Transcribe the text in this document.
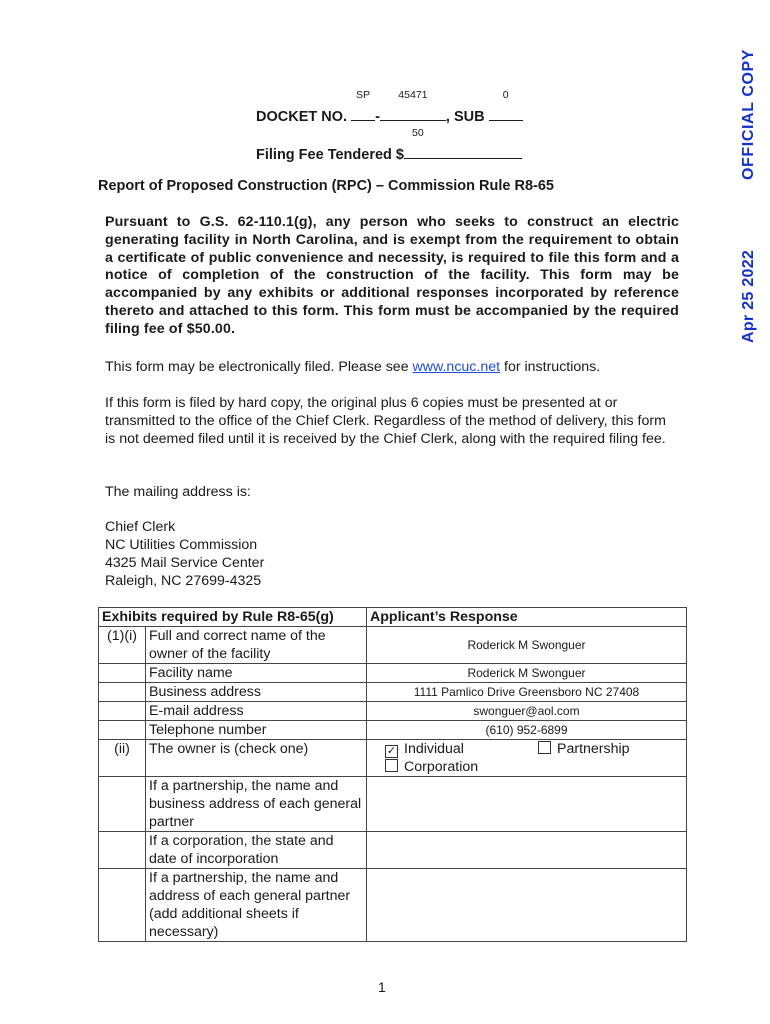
OFFICIAL COPY
Apr 25 2022
DOCKET NO.
SP
-
45471
, SUB
0
Filing Fee Tendered $
50
Report of Proposed Construction (RPC) – Commission Rule R8-65
Pursuant to G.S. 62-110.1(g), any person who seeks to construct an electric generating facility in North Carolina, and is exempt from the requirement to obtain a certificate of public convenience and necessity, is required to file this form and a notice of completion of the construction of the facility. This form may be accompanied by any exhibits or additional responses incorporated by reference thereto and attached to this form. This form must be accompanied by the required filing fee of $50.00.
This form may be electronically filed. Please see www.ncuc.net for instructions.
If this form is filed by hard copy, the original plus 6 copies must be presented at or transmitted to the office of the Chief Clerk. Regardless of the method of delivery, this form is not deemed filed until it is received by the Chief Clerk, along with the required filing fee.
The mailing address is:
Chief Clerk
NC Utilities Commission
4325 Mail Service Center
Raleigh, NC 27699-4325
Exhibits required by Rule R8-65(g)		Applicant’s Response
(1)(i)	Full and correct name of the owner of the facility	Roderick M Swonguer
	Facility name	Roderick M Swonguer
	Business address	1111 Pamlico Drive Greensboro NC 27408
	E-mail address	swonguer@aol.com
	Telephone number	(610) 952-6899
(ii)	The owner is (check one)	✓ Individual Partnership
Corporation

	If a partnership, the name and business address of each general partner	
	If a corporation, the state and date of incorporation	
	If a partnership, the name and address of each general partner (add additional sheets if necessary)	
1
